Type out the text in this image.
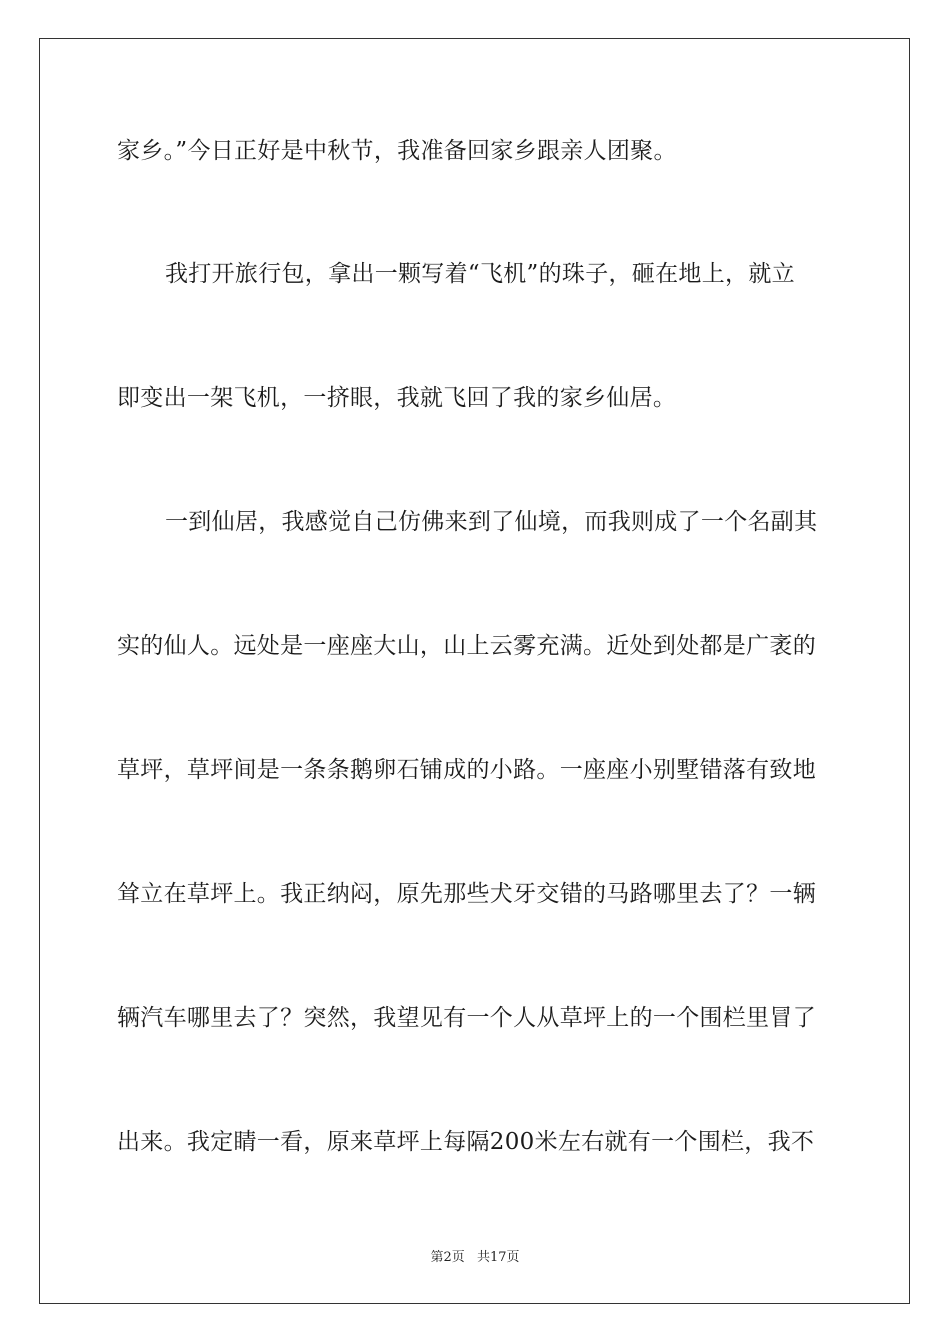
家乡。”今日正好是中秋节，我准备回家乡跟亲人团聚。
我打开旅行包，拿出一颗写着“飞机”的珠子，砸在地上，就立
即变出一架飞机，一挤眼，我就飞回了我的家乡仙居。
一到仙居，我感觉自己仿佛来到了仙境，而我则成了一个名副其
实的仙人。远处是一座座大山，山上云雾充满。近处到处都是广袤的
草坪，草坪间是一条条鹅卵石铺成的小路。一座座小别墅错落有致地
耸立在草坪上。我正纳闷，原先那些犬牙交错的马路哪里去了？一辆
辆汽车哪里去了？突然，我望见有一个人从草坪上的一个围栏里冒了
出来。我定睛一看，原来草坪上每隔200米左右就有一个围栏，我不
第2页 共17页
